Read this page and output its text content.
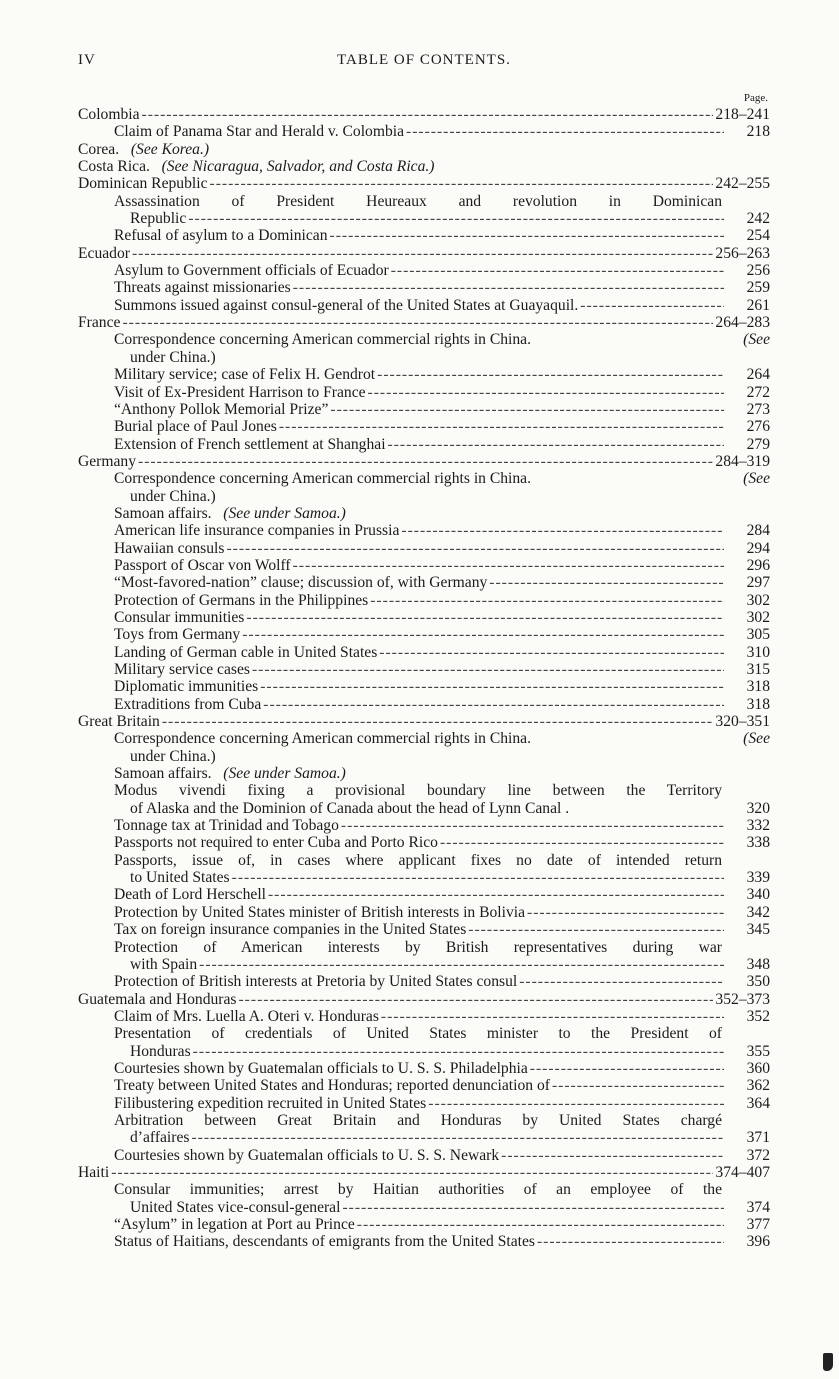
IV	TABLE OF CONTENTS.
Page.
Colombia -----	218–241
Claim of Panama Star and Herald v. Colombia -----	218
Corea. (See Korea.)
Costa Rica. (See Nicaragua, Salvador, and Costa Rica.)
Dominican Republic -----	242–255
Assassination of President Heureaux and revolution in Dominican
Republic -----	242
Refusal of asylum to a Dominican -----	254
Ecuador -----	256–263
Asylum to Government officials of Ecuador -----	256
Threats against missionaries -----	259
Summons issued against consul-general of the United States at Guayaquil. -----	261
France -----	264–283
Correspondence concerning American commercial rights in China.	(See
under China.)
Military service; case of Felix H. Gendrot -----	264
Visit of Ex-President Harrison to France -----	272
“Anthony Pollok Memorial Prize” -----	273
Burial place of Paul Jones -----	276
Extension of French settlement at Shanghai -----	279
Germany -----	284–319
Correspondence concerning American commercial rights in China.	(See
under China.)
Samoan affairs. (See under Samoa.)
American life insurance companies in Prussia -----	284
Hawaiian consuls -----	294
Passport of Oscar von Wolff -----	296
“Most-favored-nation” clause; discussion of, with Germany -----	297
Protection of Germans in the Philippines -----	302
Consular immunities -----	302
Toys from Germany -----	305
Landing of German cable in United States -----	310
Military service cases -----	315
Diplomatic immunities -----	318
Extraditions from Cuba -----	318
Great Britain -----	320–351
Correspondence concerning American commercial rights in China.	(See
under China.)
Samoan affairs. (See under Samoa.)
Modus vivendi fixing a provisional boundary line between the Territory
of Alaska and the Dominion of Canada about the head of Lynn Canal .	320
Tonnage tax at Trinidad and Tobago -----	332
Passports not required to enter Cuba and Porto Rico -----	338
Passports, issue of, in cases where applicant fixes no date of intended return
to United States -----	339
Death of Lord Herschell -----	340
Protection by United States minister of British interests in Bolivia -----	342
Tax on foreign insurance companies in the United States -----	345
Protection of American interests by British representatives during war
with Spain -----	348
Protection of British interests at Pretoria by United States consul -----	350
Guatemala and Honduras -----	352–373
Claim of Mrs. Luella A. Oteri v. Honduras -----	352
Presentation of credentials of United States minister to the President of
Honduras -----	355
Courtesies shown by Guatemalan officials to U. S. S. Philadelphia -----	360
Treaty between United States and Honduras; reported denunciation of -----	362
Filibustering expedition recruited in United States -----	364
Arbitration between Great Britain and Honduras by United States chargé
d’affaires -----	371
Courtesies shown by Guatemalan officials to U. S. S. Newark -----	372
Haiti -----	374–407
Consular immunities; arrest by Haitian authorities of an employee of the
United States vice-consul-general -----	374
“Asylum” in legation at Port au Prince -----	377
Status of Haitians, descendants of emigrants from the United States -----	396
